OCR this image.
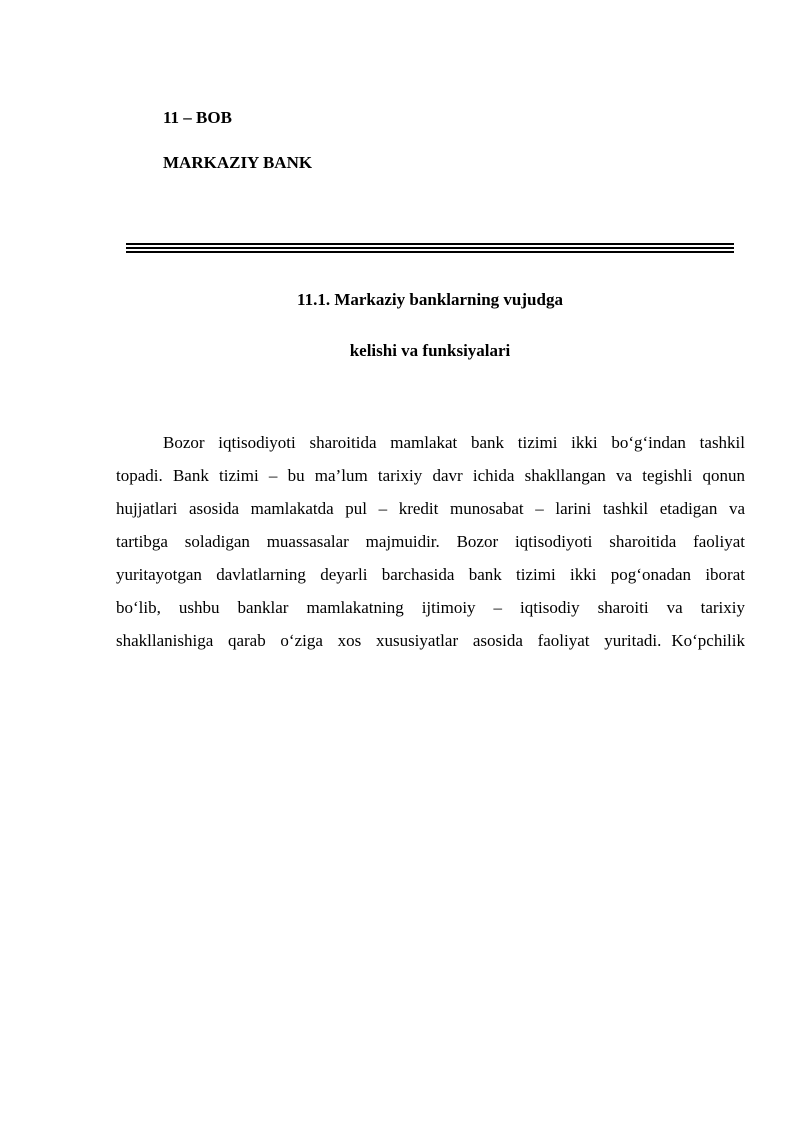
11 – BOB
MARKAZIY BANK
11.1. Markaziy banklarning vujudga
kelishi va funksiyalari
Bozor iqtisodiyoti sharoitida mamlakat bank tizimi ikki bo‘g‘indan tashkil
topadi. Bank tizimi – bu ma’lum tarixiy davr ichida shakllangan va tegishli qonun
hujjatlari asosida mamlakatda pul – kredit munosabat – larini tashkil etadigan va
tartibga soladigan muassasalar majmuidir. Bozor iqtisodiyoti sharoitida faoliyat
yuritayotgan davlatlarning deyarli barchasida bank tizimi ikki pog‘onadan iborat
bo‘lib, ushbu banklar mamlakatning ijtimoiy – iqtisodiy sharoiti va tarixiy
shakllanishiga qarab o‘ziga xos xususiyatlar asosida faoliyat yuritadi. Ko‘pchilik
